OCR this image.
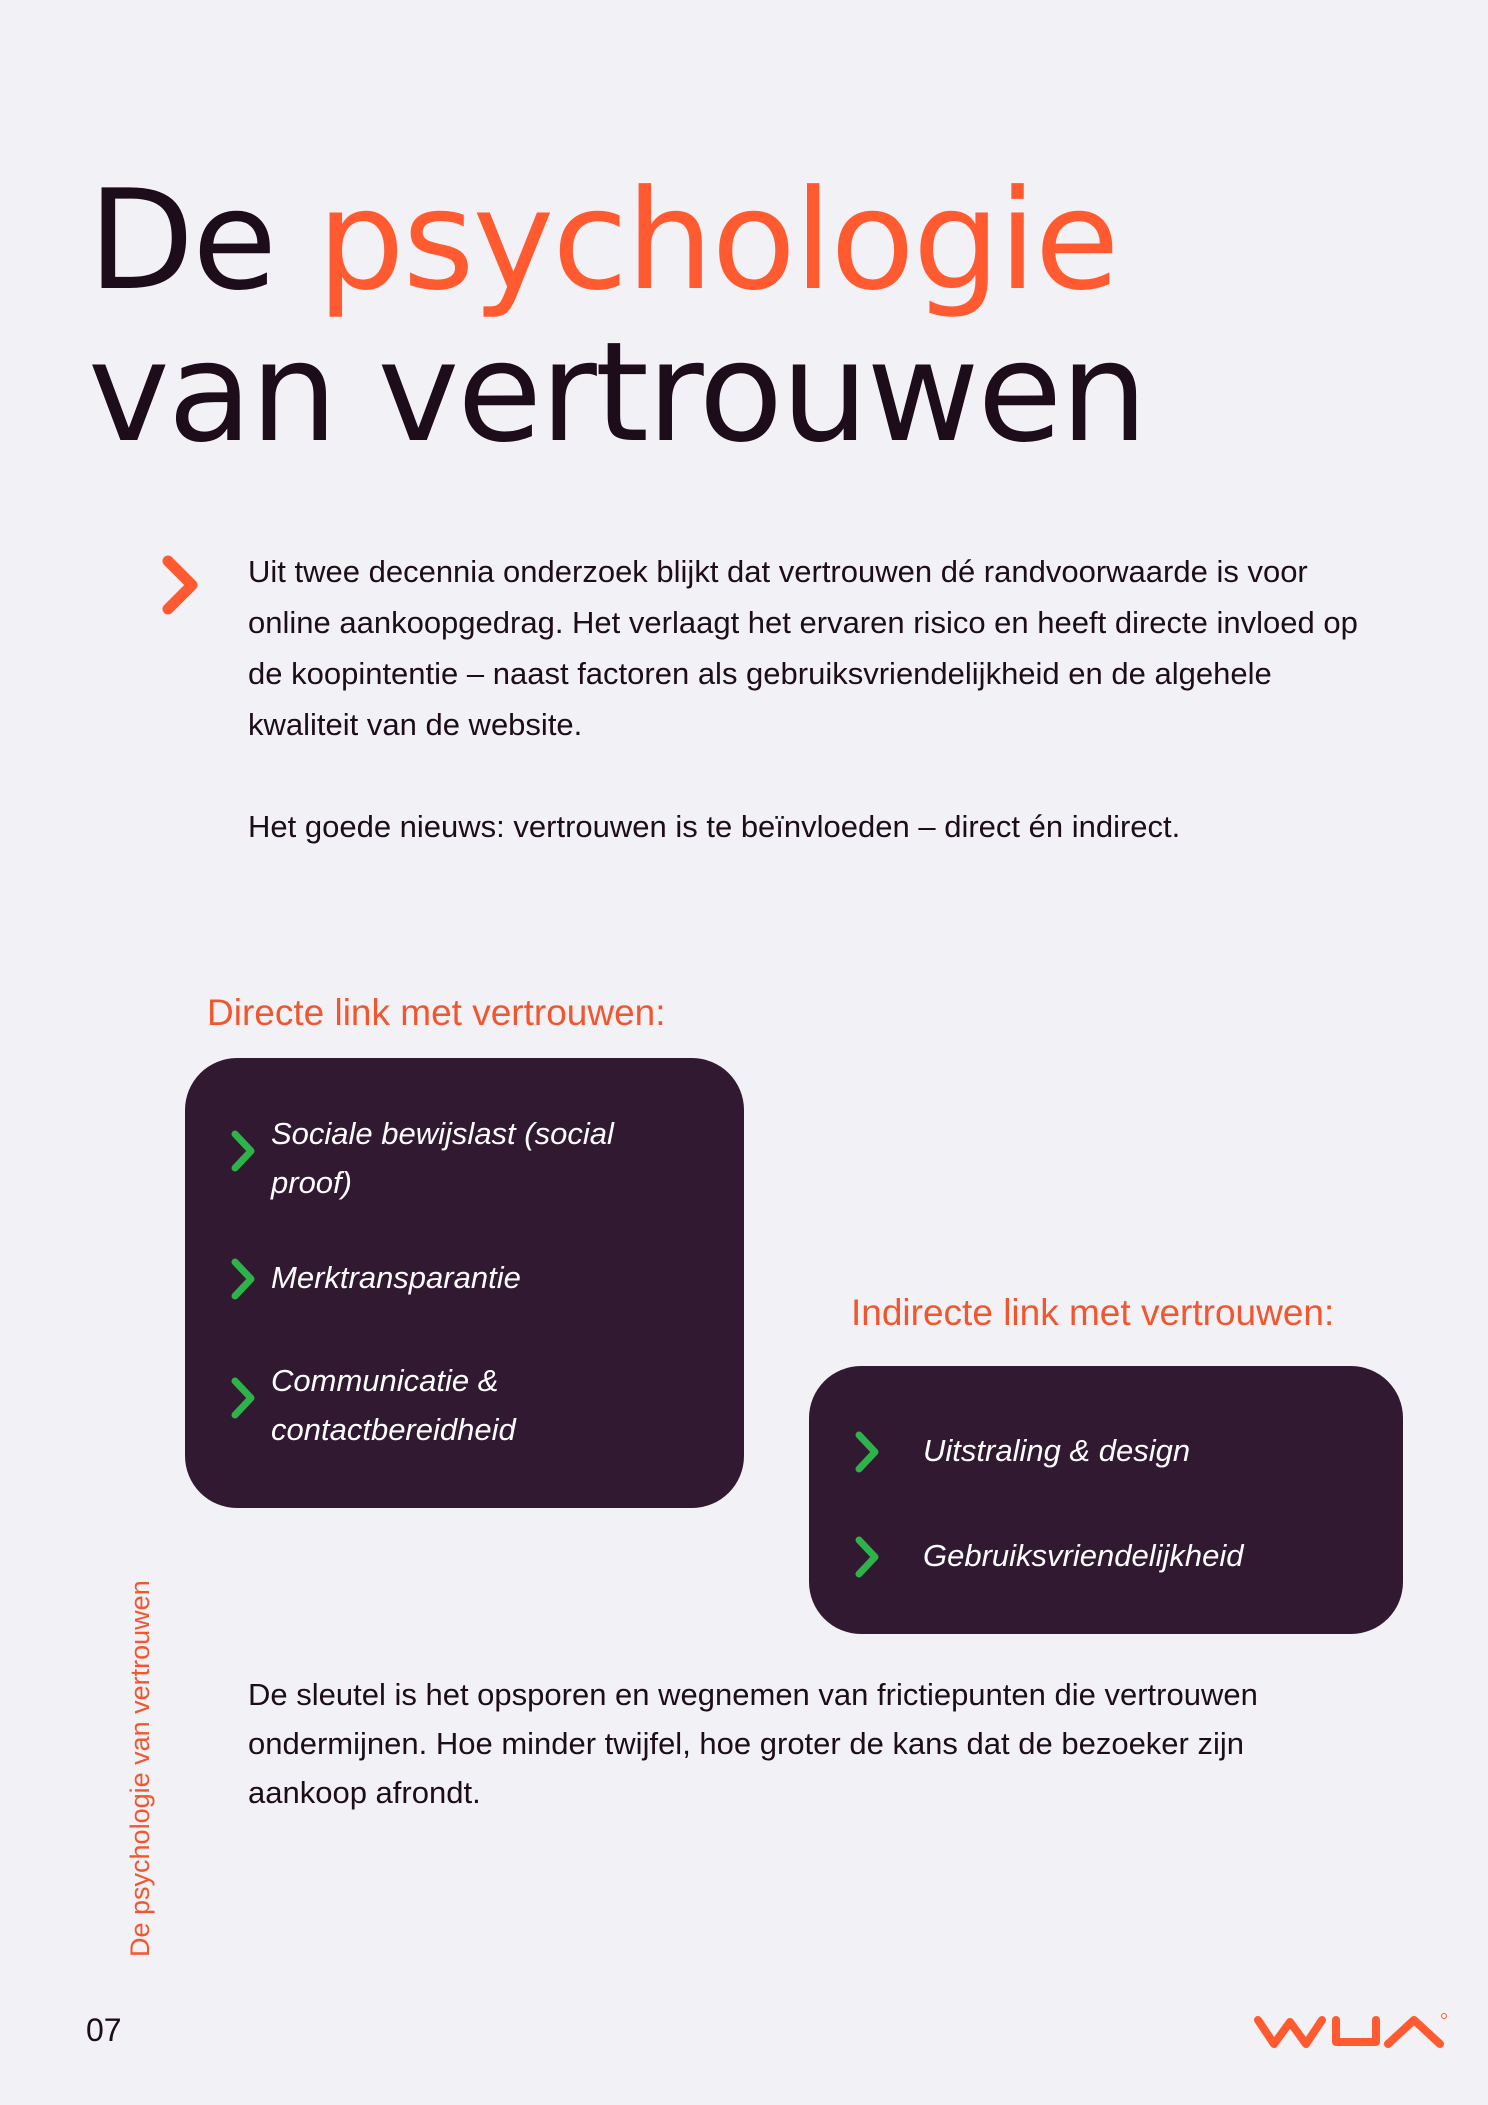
De psychologie
van vertrouwen

Uit twee decennia onderzoek blijkt dat vertrouwen dé randvoorwaarde is voor online aankoopgedrag. Het verlaagt het ervaren risico en heeft directe invloed op de koopintentie – naast factoren als gebruiksvriendelijkheid en de algehele kwaliteit van de website.

Het goede nieuws: vertrouwen is te beïnvloeden – direct én indirect.

Directe link met vertrouwen:
Sociale bewijslast (social proof)
Merktransparantie
Communicatie & contactbereidheid
Indirecte link met vertrouwen:
Uitstraling & design
Gebruiksvriendelijkheid

De sleutel is het opsporen en wegnemen van frictiepunten die vertrouwen ondermijnen. Hoe minder twijfel, hoe groter de kans dat de bezoeker zijn aankoop afrondt.

De psychologie van vertrouwen
07
